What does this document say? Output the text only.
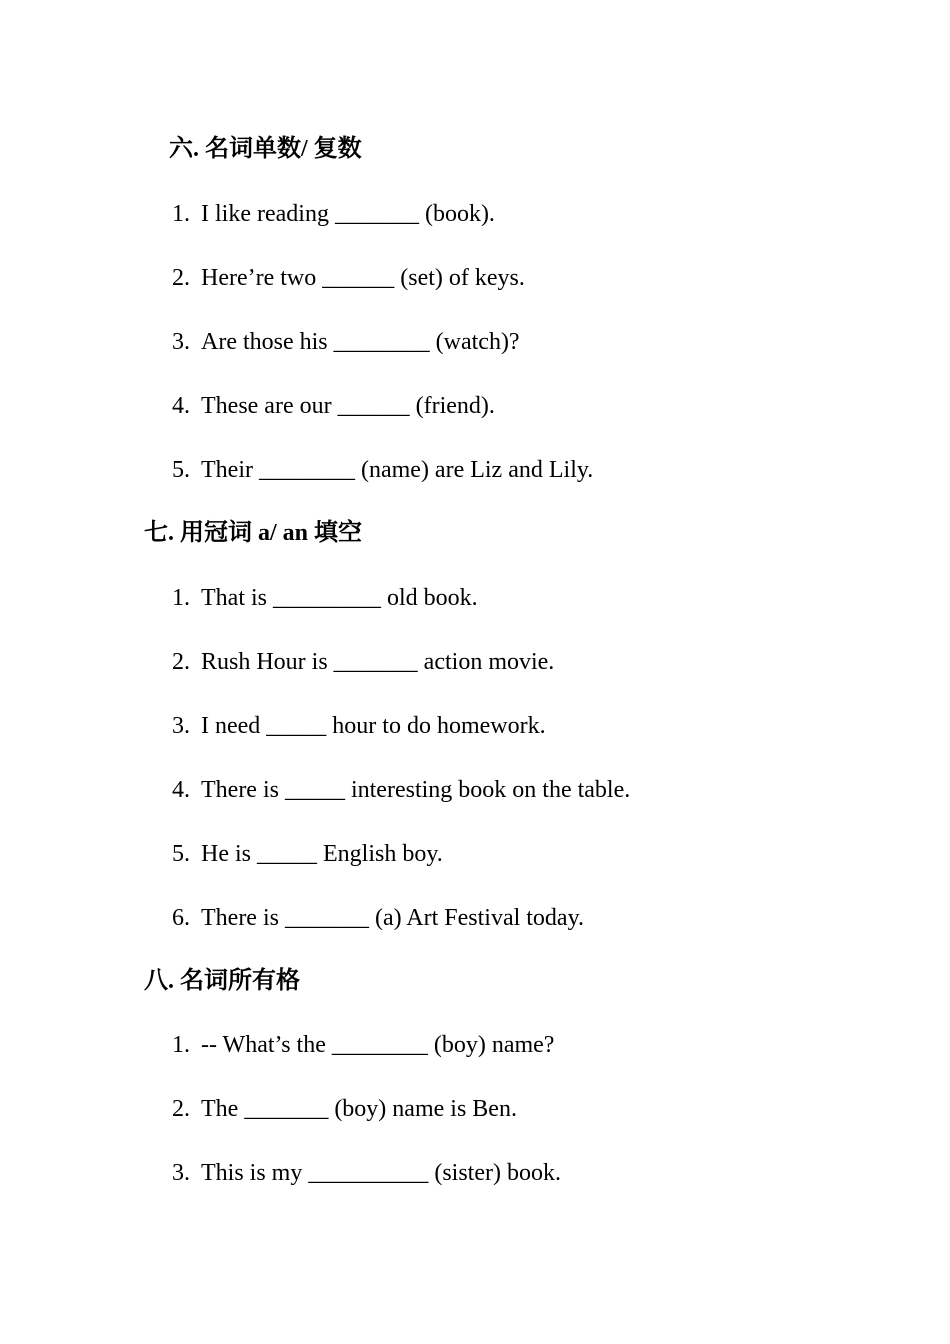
六. 名词单数/ 复数
1. I like reading _______ (book).
2. Here’re two ______ (set) of keys.
3. Are those his ________ (watch)?
4. These are our ______ (friend).
5. Their ________ (name) are Liz and Lily.
七. 用冠词 a/ an 填空
1. That is _________ old book.
2. Rush Hour is _______ action movie.
3. I need _____ hour to do homework.
4. There is _____ interesting book on the table.
5. He is _____ English boy.
6. There is _______ (a) Art Festival today.
八. 名词所有格
1. -- What’s the ________ (boy) name?
2. The _______ (boy) name is Ben.
3. This is my __________ (sister) book.
